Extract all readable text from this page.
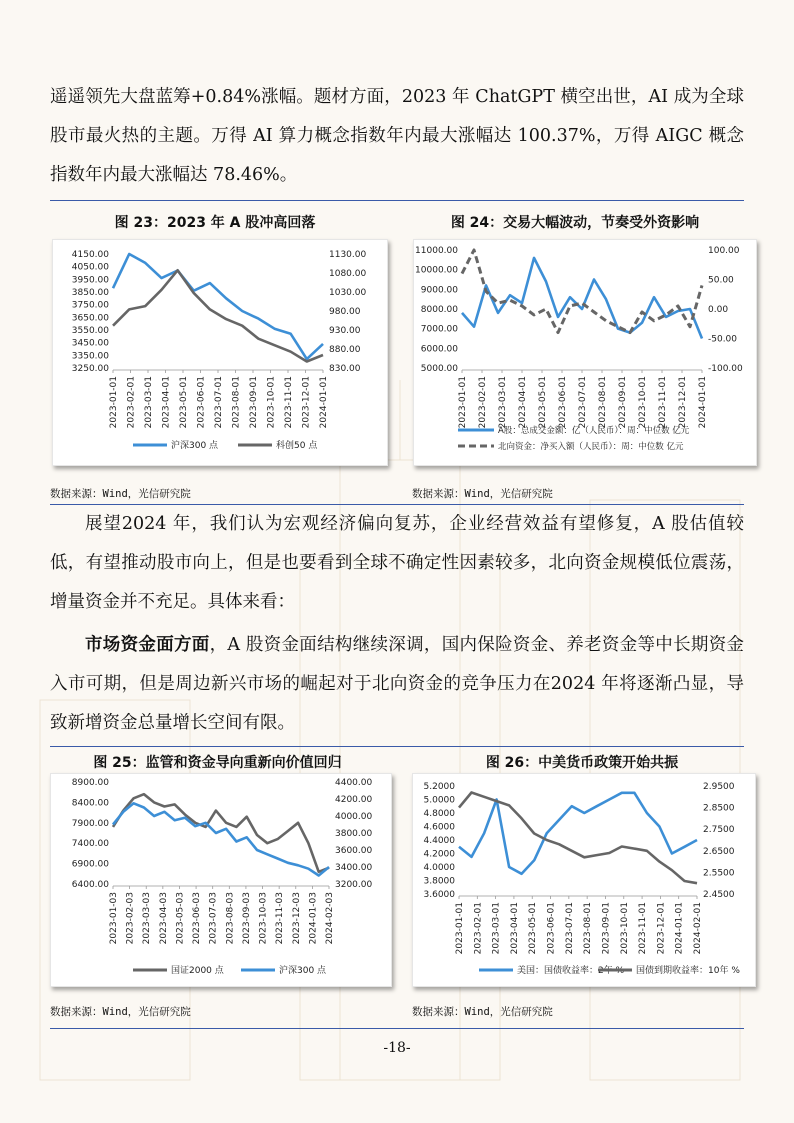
遥遥领先大盘蓝筹+0.84%涨幅。题材方面，2023 年 ChatGPT 横空出世，AI 成为全球股市最火热的主题。万得 AI 算力概念指数年内最大涨幅达 100.37%，万得 AIGC 概念指数年内最大涨幅达 78.46%。

图 23：2023 年 A 股冲高回落	图 24：交易大幅波动，节奏受外资影响
4150.00
4050.00
3950.00
3850.00
3750.00
3650.00
3550.00
3450.00
3350.00
3250.00
1130.00
1080.00
1030.00
980.00
930.00
880.00
830.00
2023-01-01 2023-02-01 2023-03-01 2023-04-01 2023-05-01 2023-06-01 2023-07-01 2023-08-01 2023-09-01 2023-10-01 2023-11-01 2023-12-01 2024-01-01
沪深300 点	科创50 点
11000.00
10000.00
9000.00
8000.00
7000.00
6000.00
5000.00
100.00
50.00
0.00
-50.00
-100.00
2023-01-01 2023-02-01 2023-03-01 2023-04-01 2023-05-01 2023-06-01 2023-07-01 2023-08-01 2023-09-01 2023-10-01 2023-11-01 2023-12-01 2024-01-01
A股：总成交金额：亿（人民币）：周：中位数 亿元
北向资金：净买入额（人民币）：周：中位数 亿元
数据来源：Wind，光信研究院	数据来源：Wind，光信研究院

展望2024 年，我们认为宏观经济偏向复苏，企业经营效益有望修复，A 股估值较低，有望推动股市向上，但是也要看到全球不确定性因素较多，北向资金规模低位震荡，增量资金并不充足。具体来看：

市场资金面方面，A 股资金面结构继续深调，国内保险资金、养老资金等中长期资金入市可期，但是周边新兴市场的崛起对于北向资金的竞争压力在2024 年将逐渐凸显，导致新增资金总量增长空间有限。

图 25：监管和资金导向重新向价值回归	图 26：中美货币政策开始共振
8900.00
8400.00
7900.00
7400.00
6900.00
6400.00
4400.00
4200.00
4000.00
3800.00
3600.00
3400.00
3200.00
2023-01-03 2023-02-03 2023-03-03 2023-04-03 2023-05-03 2023-06-03 2023-07-03 2023-08-03 2023-09-03 2023-10-03 2023-11-03 2023-12-03 2024-01-03 2024-02-03
国证2000 点	沪深300 点
5.2000
5.0000
4.8000
4.6000
4.4000
4.2000
4.0000
3.8000
3.6000
2.9500
2.8500
2.7500
2.6500
2.5500
2.4500
2023-01-01 2023-02-01 2023-03-01 2023-04-01 2023-05-01 2023-06-01 2023-07-01 2023-08-01 2023-09-01 2023-10-01 2023-11-01 2023-12-01 2024-01-01 2024-02-01
美国：国债收益率：2年 % 国债到期收益率：10年 %
数据来源：Wind，光信研究院	数据来源：Wind，光信研究院
-18-
